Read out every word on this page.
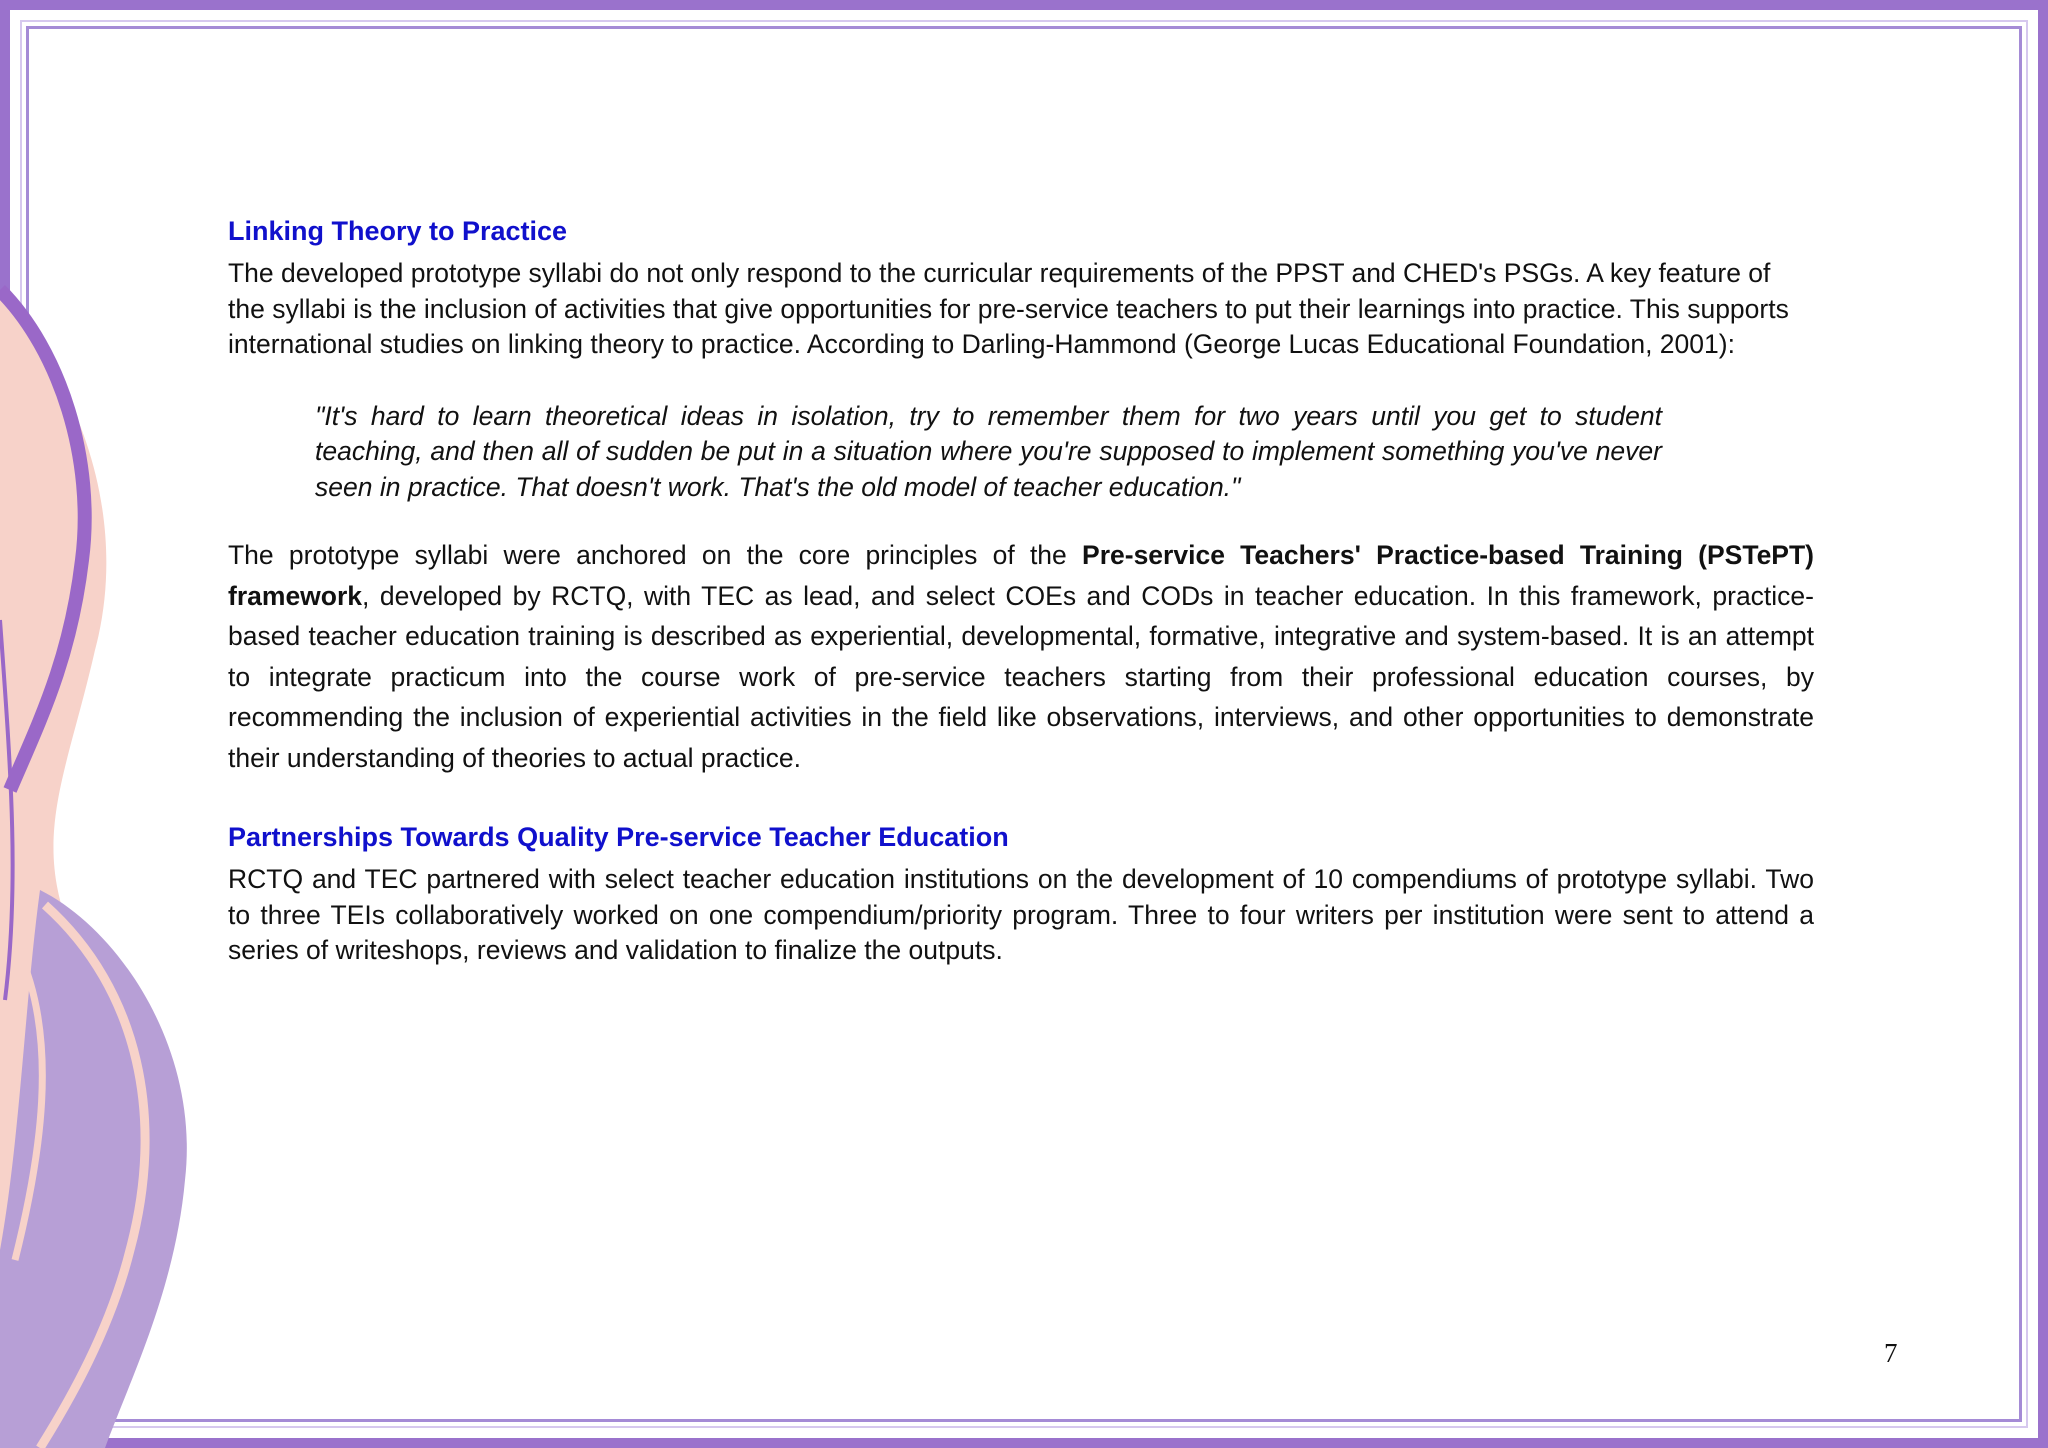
Linking Theory to Practice

The developed prototype syllabi do not only respond to the curricular requirements of the PPST and CHED's PSGs. A key feature of the syllabi is the inclusion of activities that give opportunities for pre-service teachers to put their learnings into practice. This supports international studies on linking theory to practice. According to Darling-Hammond (George Lucas Educational Foundation, 2001):

"It's hard to learn theoretical ideas in isolation, try to remember them for two years until you get to student teaching, and then all of sudden be put in a situation where you're supposed to implement something you've never seen in practice. That doesn't work. That's the old model of teacher education."

The prototype syllabi were anchored on the core principles of the Pre-service Teachers' Practice-based Training (PSTePT) framework, developed by RCTQ, with TEC as lead, and select COEs and CODs in teacher education. In this framework, practice-based teacher education training is described as experiential, developmental, formative, integrative and system-based. It is an attempt to integrate practicum into the course work of pre-service teachers starting from their professional education courses, by recommending the inclusion of experiential activities in the field like observations, interviews, and other opportunities to demonstrate their understanding of theories to actual practice.

Partnerships Towards Quality Pre-service Teacher Education

RCTQ and TEC partnered with select teacher education institutions on the development of 10 compendiums of prototype syllabi. Two to three TEIs collaboratively worked on one compendium/priority program. Three to four writers per institution were sent to attend a series of writeshops, reviews and validation to finalize the outputs.

7
